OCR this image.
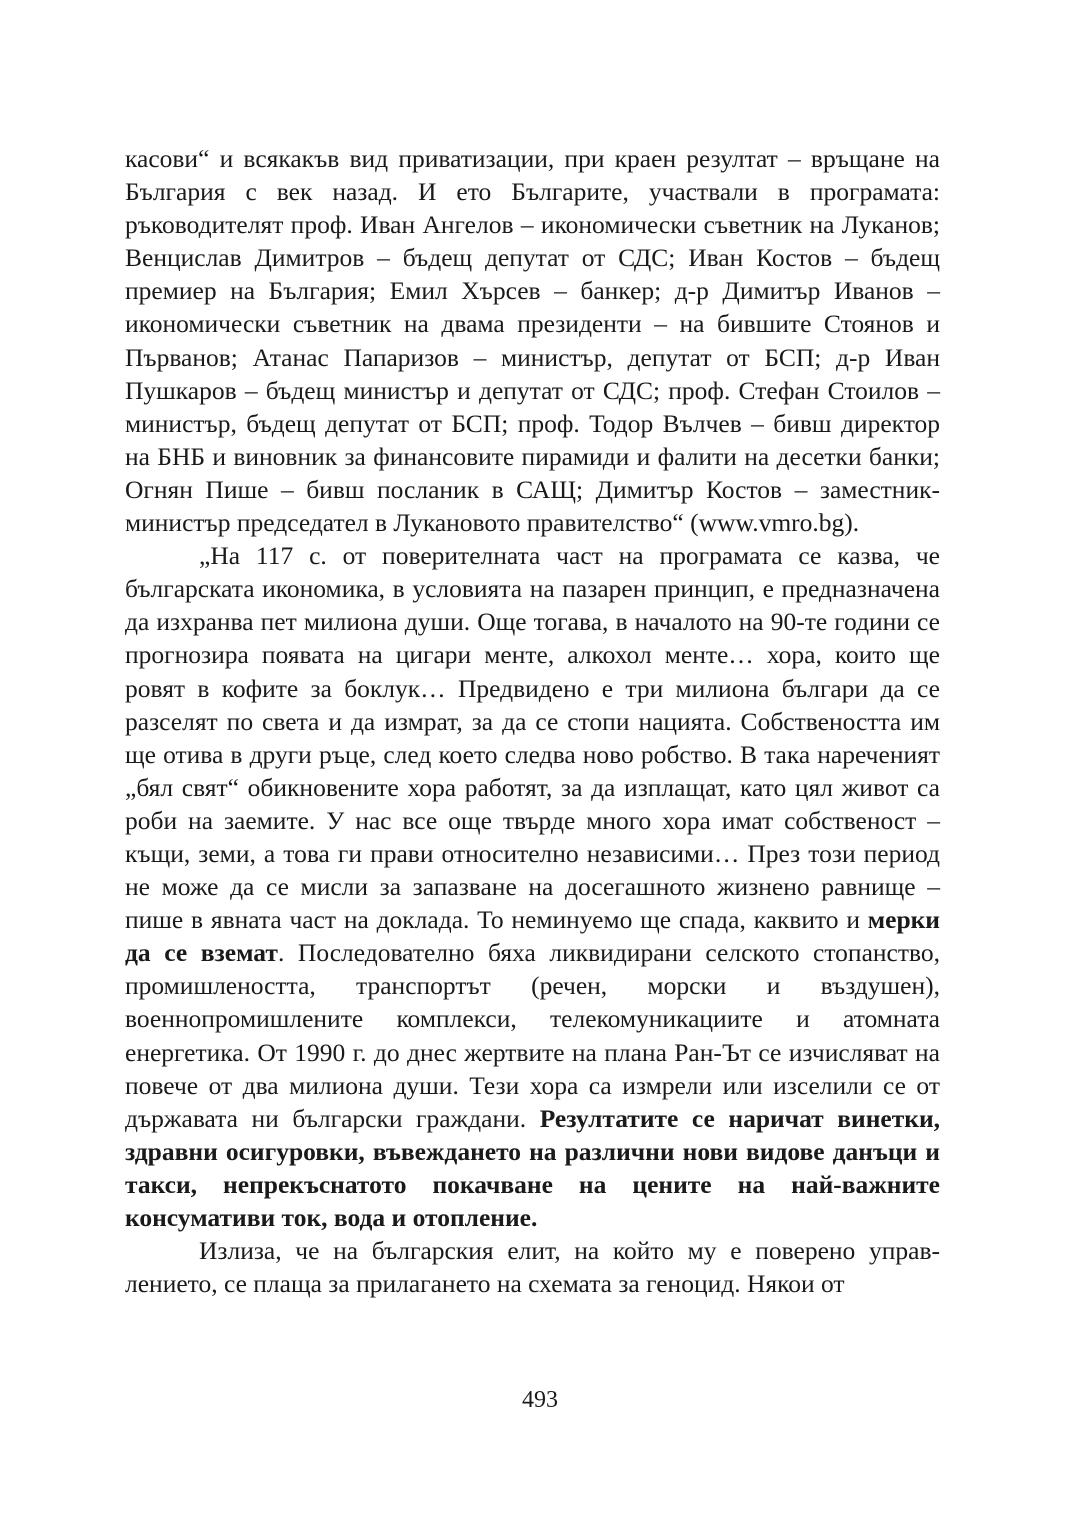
касови“ и всякакъв вид приватизации, при краен резултат – връщане на България с век назад. И ето Българите, участвали в програмата: ръководителят проф. Иван Ангелов – икономически съветник на Луканов; Венцислав Димитров – бъдещ депутат от СДС; Иван Костов – бъдещ премиер на България; Емил Хърсев – банкер; д-р Димитър Иванов – икономически съветник на двама президенти – на бившите Стоянов и Първанов; Атанас Папаризов – министър, депутат от БСП; д-р Иван Пушкаров – бъдещ министър и депутат от СДС; проф. Стефан Стоилов – министър, бъдещ депутат от БСП; проф. Тодор Вълчев – бивш директор на БНБ и виновник за финансовите пирамиди и фалити на десетки банки; Огнян Пише – бивш посланик в САЩ; Димитър Костов – заместник-министър председател в Лукановото правителство“ (www.vmro.bg).

„На 117 с. от поверителната част на програмата се казва, че българската икономика, в условията на пазарен принцип, е предназначена да изхранва пет милиона души. Още тогава, в началото на 90-те години се прогнозира появата на цигари менте, алкохол менте… хора, които ще ровят в кофите за боклук… Предвидено е три милиона българи да се разселят по света и да измрат, за да се стопи нацията. Собствеността им ще отива в други ръце, след което следва ново робство. В така нареченият „бял свят“ обикновените хора работят, за да изплащат, като цял живот са роби на заемите. У нас все още твърде много хора имат собственост – къщи, земи, а това ги прави относително независими… През този период не може да се мисли за запазване на досегашното жизнено равнище – пише в явната част на доклада. То неминуемо ще спада, каквито и мерки да се вземат. Последователно бяха ликвидирани селското стопанство, промишлеността, транспортът (речен, морски и въздушен), военнопромишлените комплекси, телекомуникациите и атомната енергетика. От 1990 г. до днес жертвите на плана Ран-Ът се изчисляват на повече от два милиона души. Тези хора са измрели или изселили се от държавата ни български граждани. Резултатите се наричат винетки, здравни осигуровки, въвеждането на различни нови видове данъци и такси, непрекъснатото покачване на цените на най-важните консумативи ток, вода и отопление.

Излиза, че на българския елит, на който му е поверено управлението, се плаща за прилагането на схемата за геноцид. Някои от

493
